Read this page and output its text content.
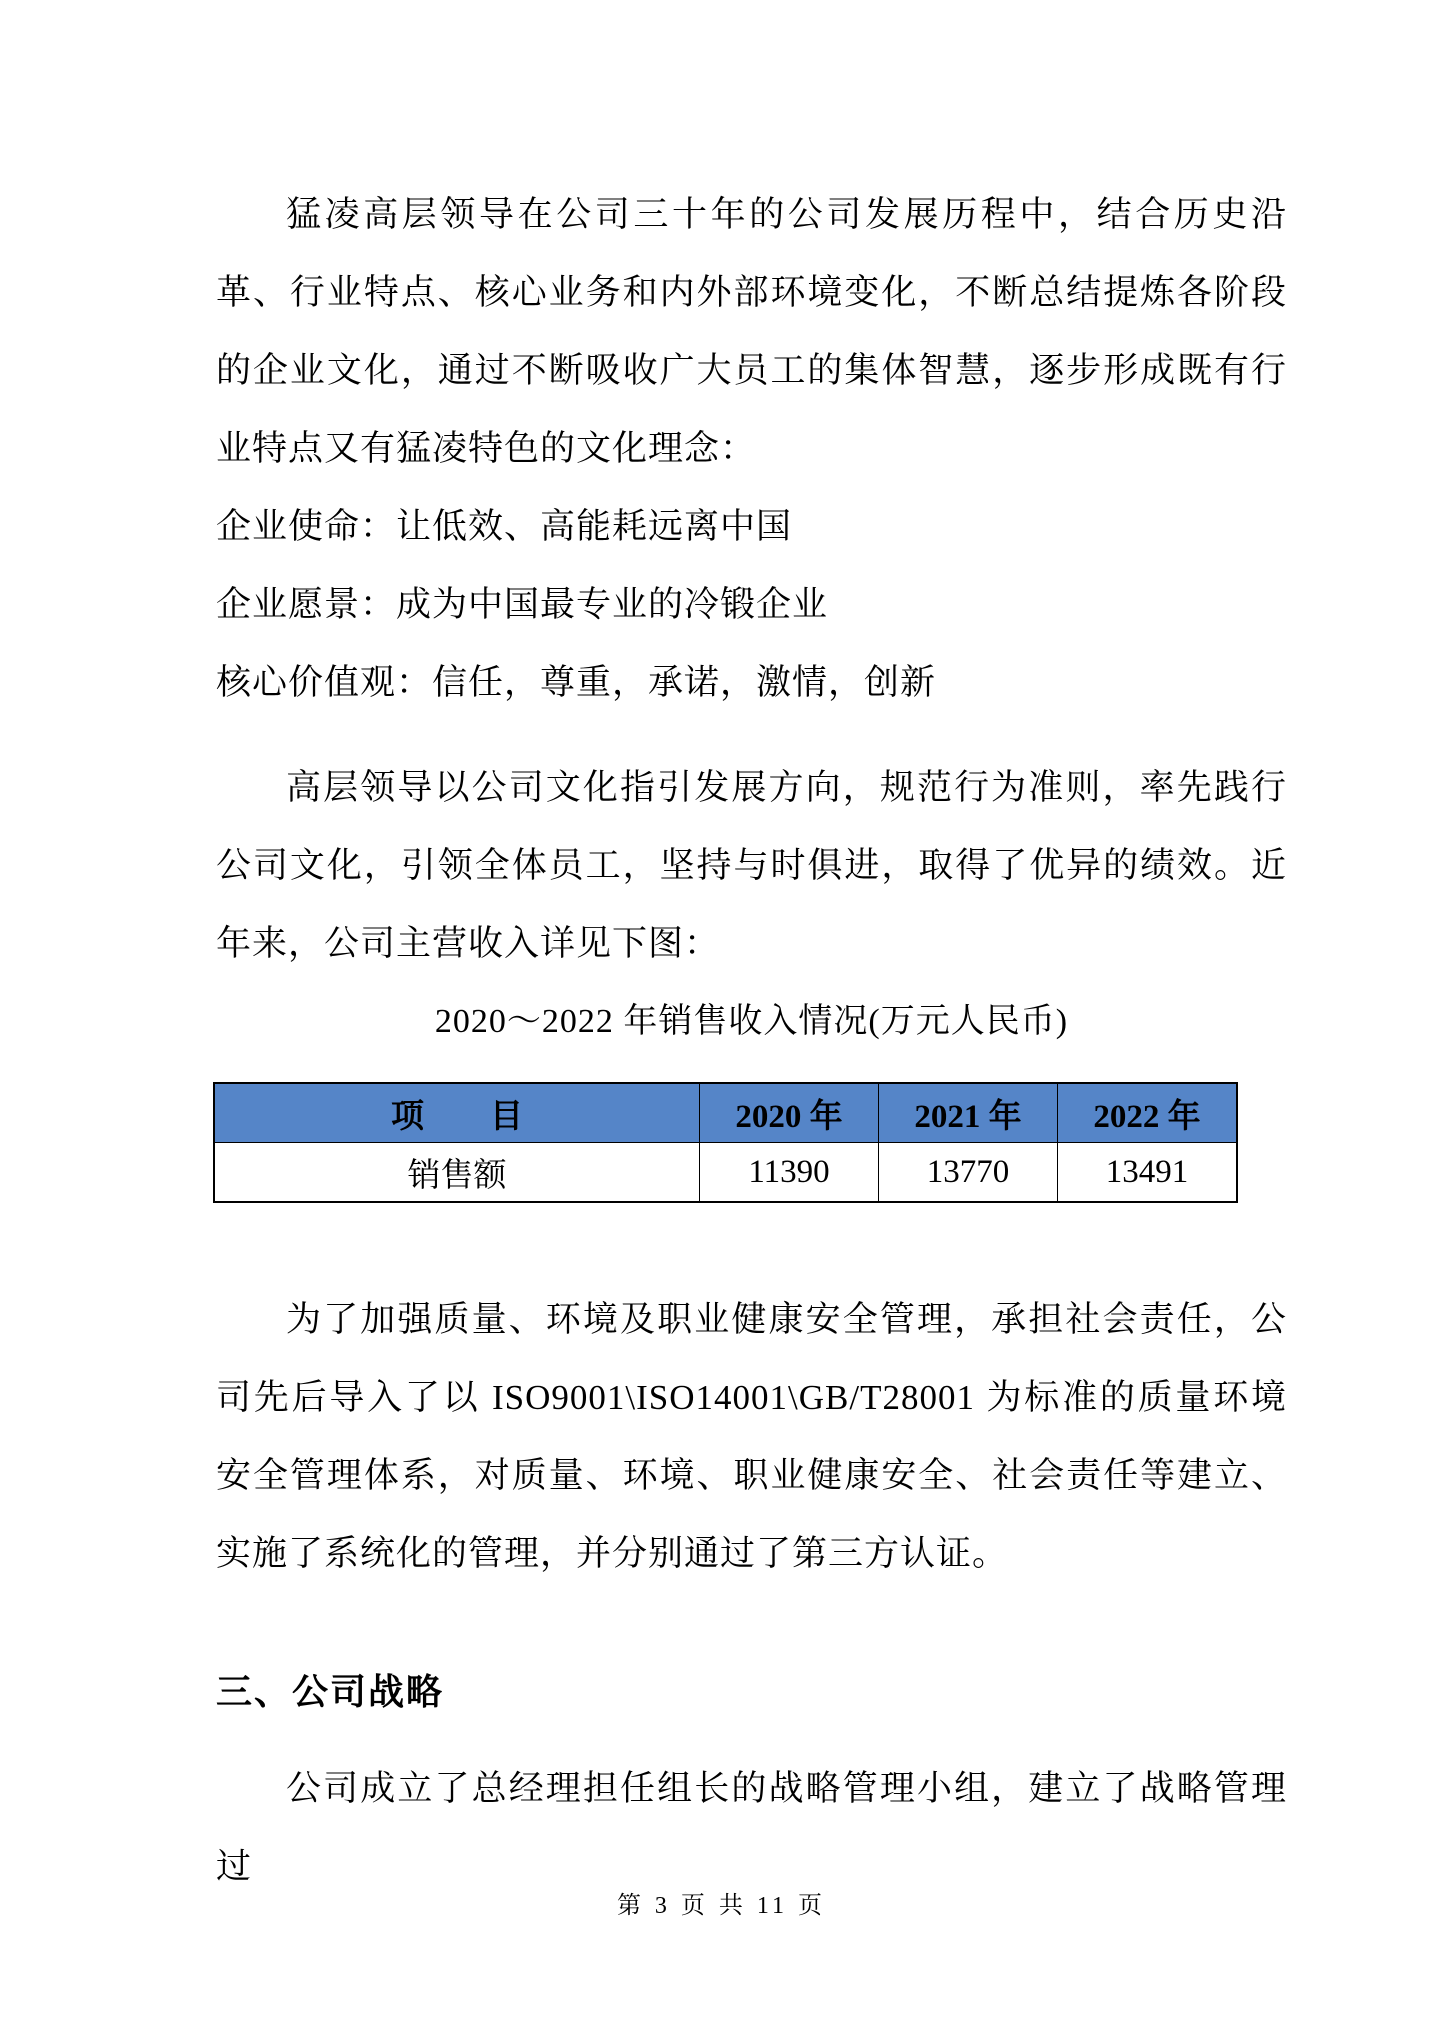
猛凌高层领导在公司三十年的公司发展历程中，结合历史沿革、行业特点、核心业务和内外部环境变化，不断总结提炼各阶段的企业文化，通过不断吸收广大员工的集体智慧，逐步形成既有行业特点又有猛凌特色的文化理念：

企业使命：让低效、高能耗远离中国

企业愿景：成为中国最专业的冷锻企业

核心价值观：信任，尊重，承诺，激情，创新

高层领导以公司文化指引发展方向，规范行为准则，率先践行公司文化，引领全体员工，坚持与时俱进，取得了优异的绩效。近年来，公司主营收入详见下图：

2020～2022 年销售收入情况(万元人民币)
项　　目	2020 年	2021 年	2022 年
销售额	11390	13770	13491

为了加强质量、环境及职业健康安全管理，承担社会责任，公司先后导入了以 ISO9001\ISO14001\GB/T28001 为标准的质量环境安全管理体系，对质量、环境、职业健康安全、社会责任等建立、实施了系统化的管理，并分别通过了第三方认证。

三、公司战略

公司成立了总经理担任组长的战略管理小组，建立了战略管理过

第 3 页 共 11 页
